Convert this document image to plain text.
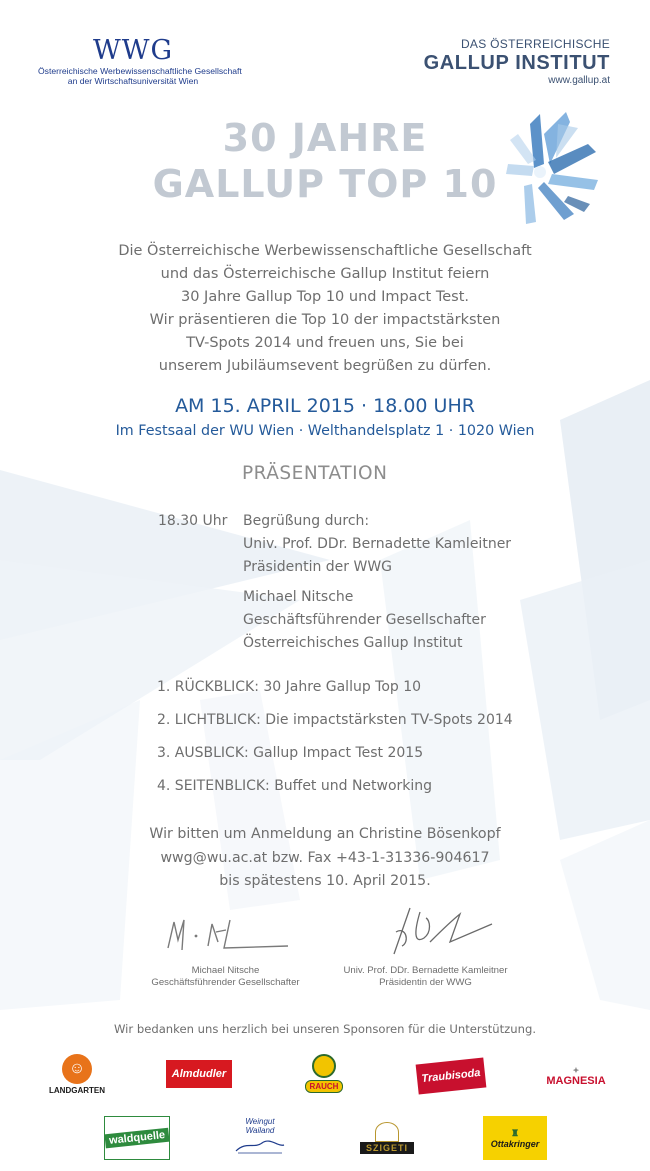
WWG
Österreichische Werbewissenschaftliche Gesellschaft
an der Wirtschaftsuniversität Wien
DAS ÖSTERREICHISCHE
GALLUP INSTITUT
www.gallup.at
30 JAHRE
GALLUP TOP 10
Die Österreichische Werbewissenschaftliche Gesellschaft
und das Österreichische Gallup Institut feiern
30 Jahre Gallup Top 10 und Impact Test.
Wir präsentieren die Top 10 der impactstärksten
TV-Spots 2014 und freuen uns, Sie bei
unserem Jubiläumsevent begrüßen zu dürfen.
AM 15. APRIL 2015 · 18.00 UHR
Im Festsaal der WU Wien · Welthandelsplatz 1 · 1020 Wien
PRÄSENTATION
18.30 Uhr Begrüßung durch:
Univ. Prof. DDr. Bernadette Kamleitner
Präsidentin der WWG
Michael Nitsche
Geschäftsführender Gesellschafter
Österreichisches Gallup Institut
1. RÜCKBLICK: 30 Jahre Gallup Top 10
2. LICHTBLICK: Die impactstärksten TV-Spots 2014
3. AUSBLICK: Gallup Impact Test 2015
4. SEITENBLICK: Buffet und Networking
Wir bitten um Anmeldung an Christine Bösenkopf
wwg@wu.ac.at bzw. Fax +43-1-31336-904617
bis spätestens 10. April 2015.
Michael Nitsche
Geschäftsführender Gesellschafter
Univ. Prof. DDr. Bernadette Kamleitner
Präsidentin der WWG
Wir bedanken uns herzlich bei unseren Sponsoren für die Unterstützung.
☺
LANDGARTEN
Almdudler
RAUCH
Traubisoda	✦
MAGNESIA
waldquelle
Weingut Wailand
SZIGETI
♜
Ottakringer
